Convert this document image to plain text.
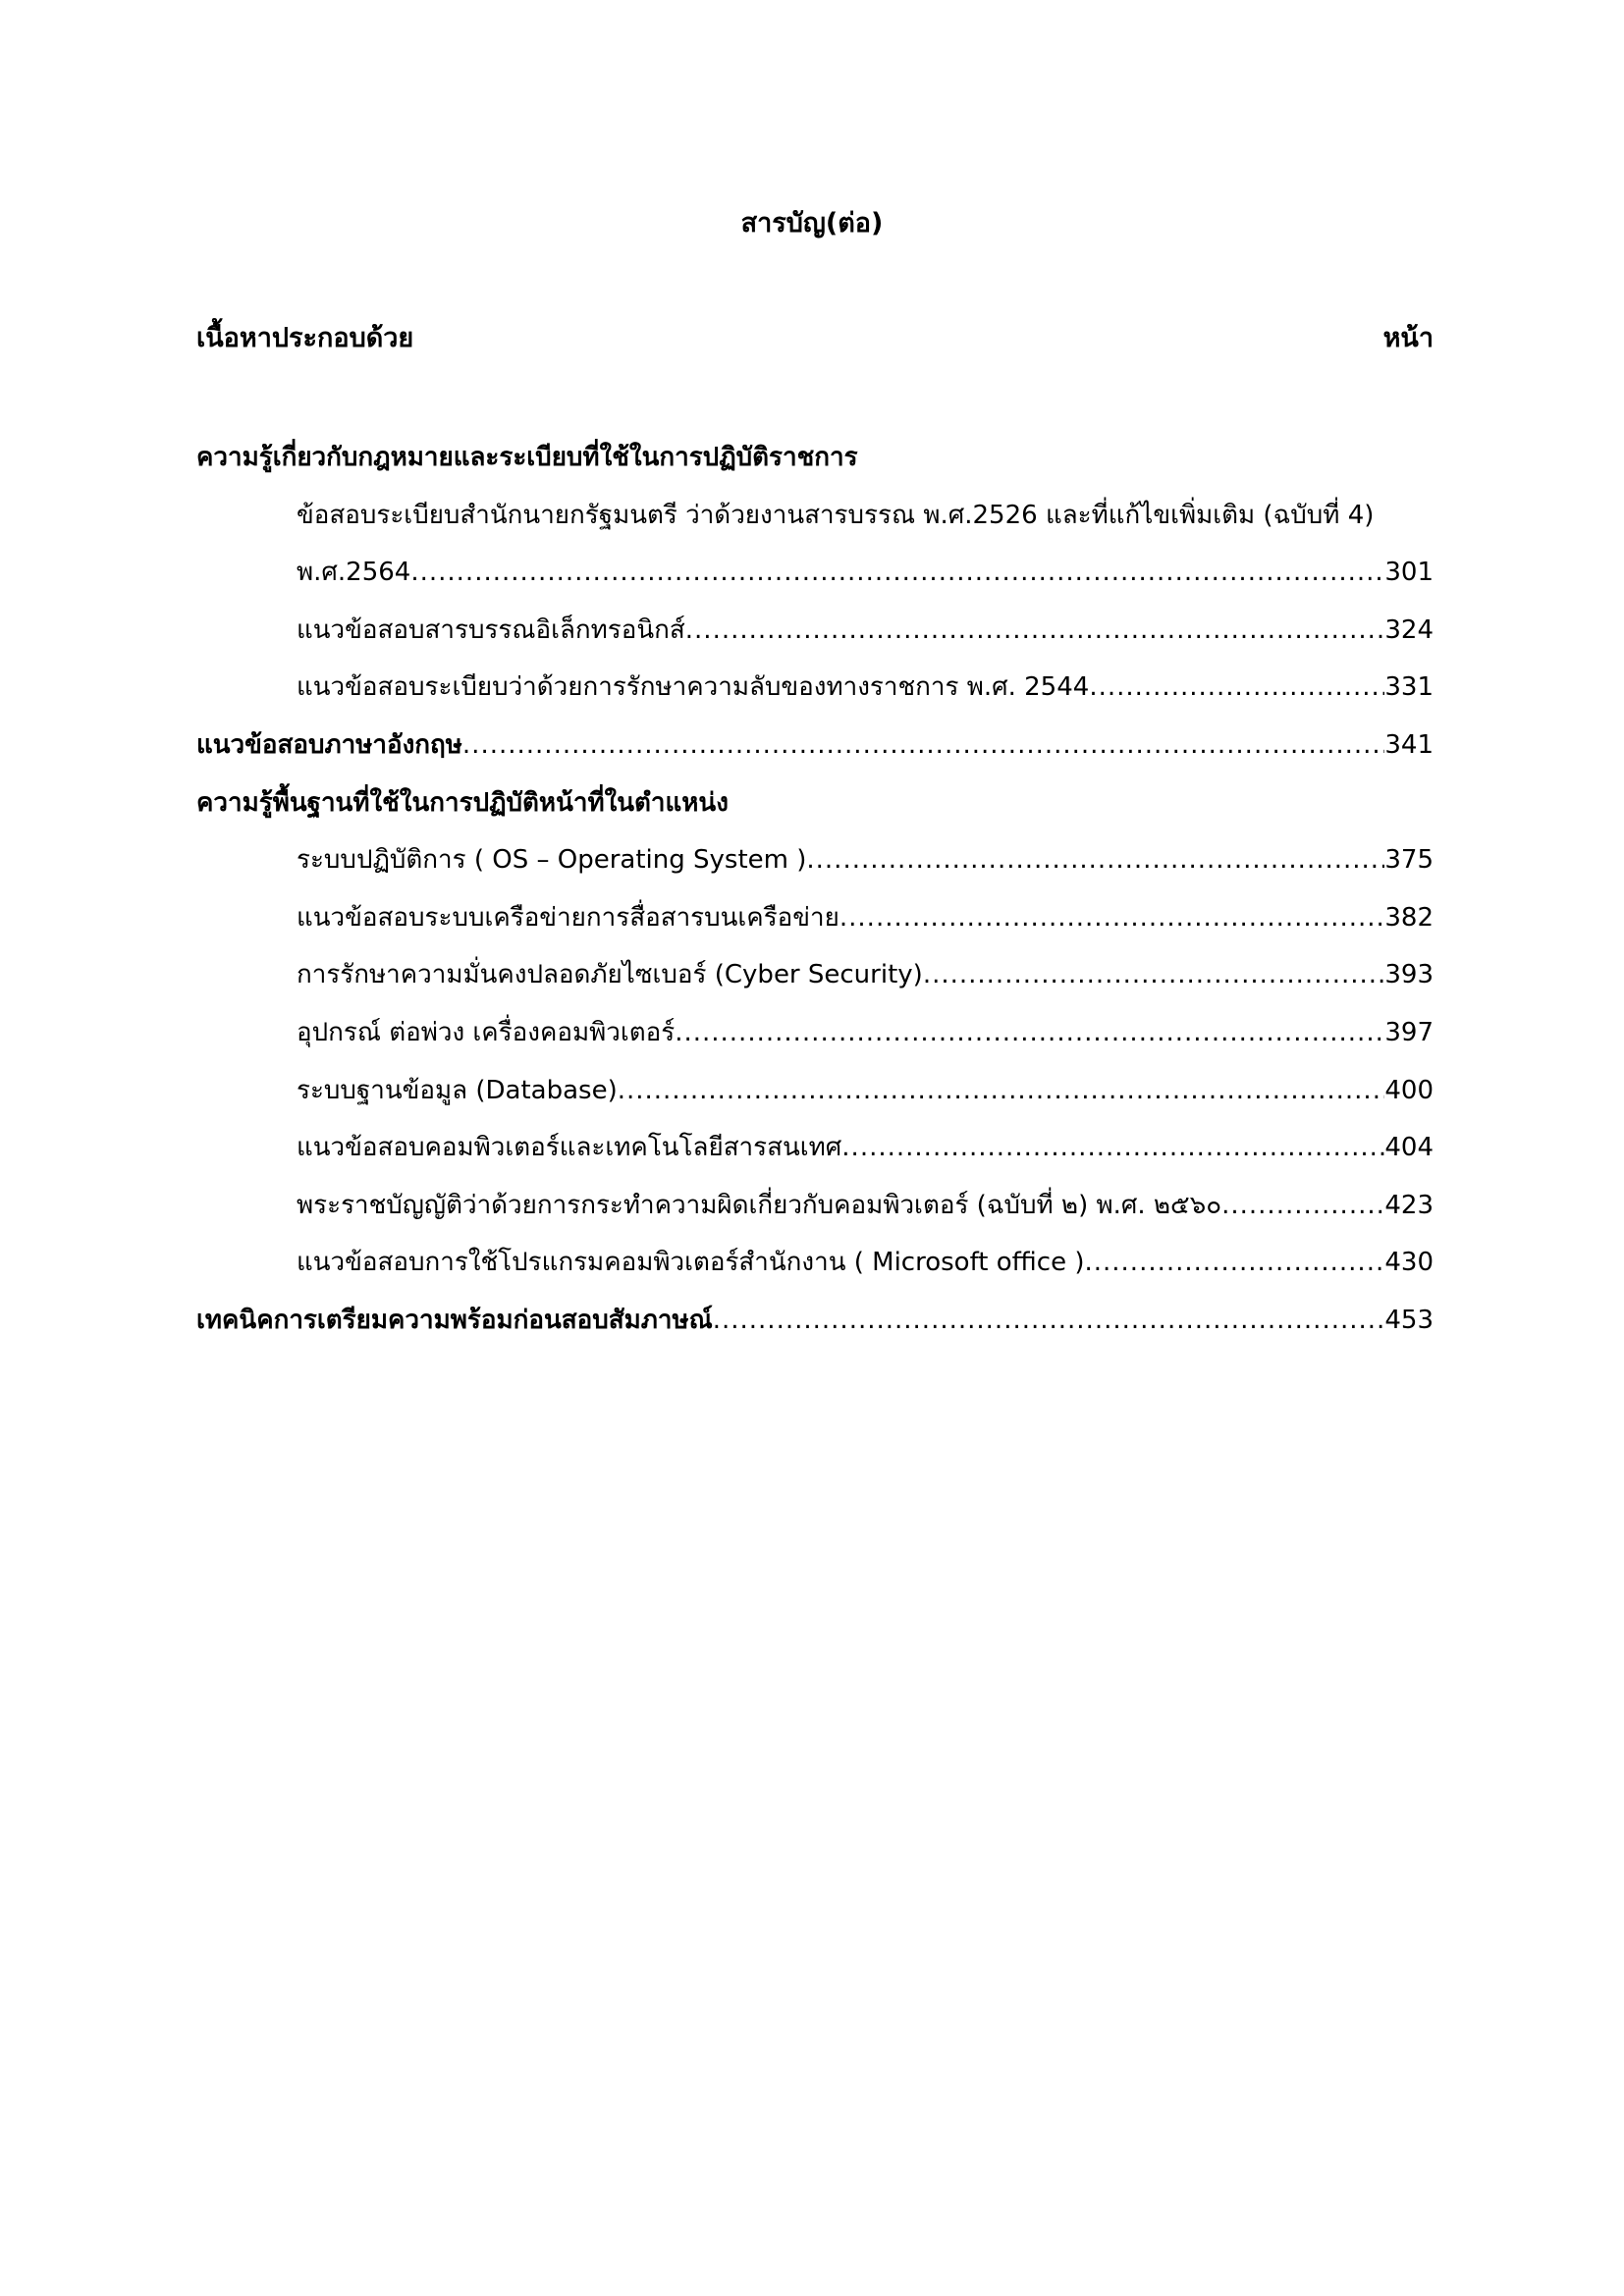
สารบัญ(ต่อ)
เนื้อหาประกอบด้วย	หน้า
ความรู้เกี่ยวกับกฎหมายและระเบียบที่ใช้ในการปฏิบัติราชการ
ข้อสอบระเบียบสำนักนายกรัฐมนตรี ว่าด้วยงานสารบรรณ พ.ศ.2526 และที่แก้ไขเพิ่มเติม (ฉบับที่ 4)
พ.ศ.2564 .....	301
แนวข้อสอบสารบรรณอิเล็กทรอนิกส์ .....	324
แนวข้อสอบระเบียบว่าด้วยการรักษาความลับของทางราชการ พ.ศ. 2544 .....	331
แนวข้อสอบภาษาอังกฤษ .....	341
ความรู้พื้นฐานที่ใช้ในการปฏิบัติหน้าที่ในตำแหน่ง
ระบบปฏิบัติการ ( OS – Operating System ) .....	375
แนวข้อสอบระบบเครือข่ายการสื่อสารบนเครือข่าย .....	382
การรักษาความมั่นคงปลอดภัยไซเบอร์ (Cyber Security) .....	393
อุปกรณ์ ต่อพ่วง เครื่องคอมพิวเตอร์ .....	397
ระบบฐานข้อมูล (Database) .....	400
แนวข้อสอบคอมพิวเตอร์และเทคโนโลยีสารสนเทศ .....	404
พระราชบัญญัติว่าด้วยการกระทำความผิดเกี่ยวกับคอมพิวเตอร์ (ฉบับที่ ๒) พ.ศ. ๒๕๖๐ .....	423
แนวข้อสอบการใช้โปรแกรมคอมพิวเตอร์สำนักงาน ( Microsoft office ) .....	430
เทคนิคการเตรียมความพร้อมก่อนสอบสัมภาษณ์ .....	453
